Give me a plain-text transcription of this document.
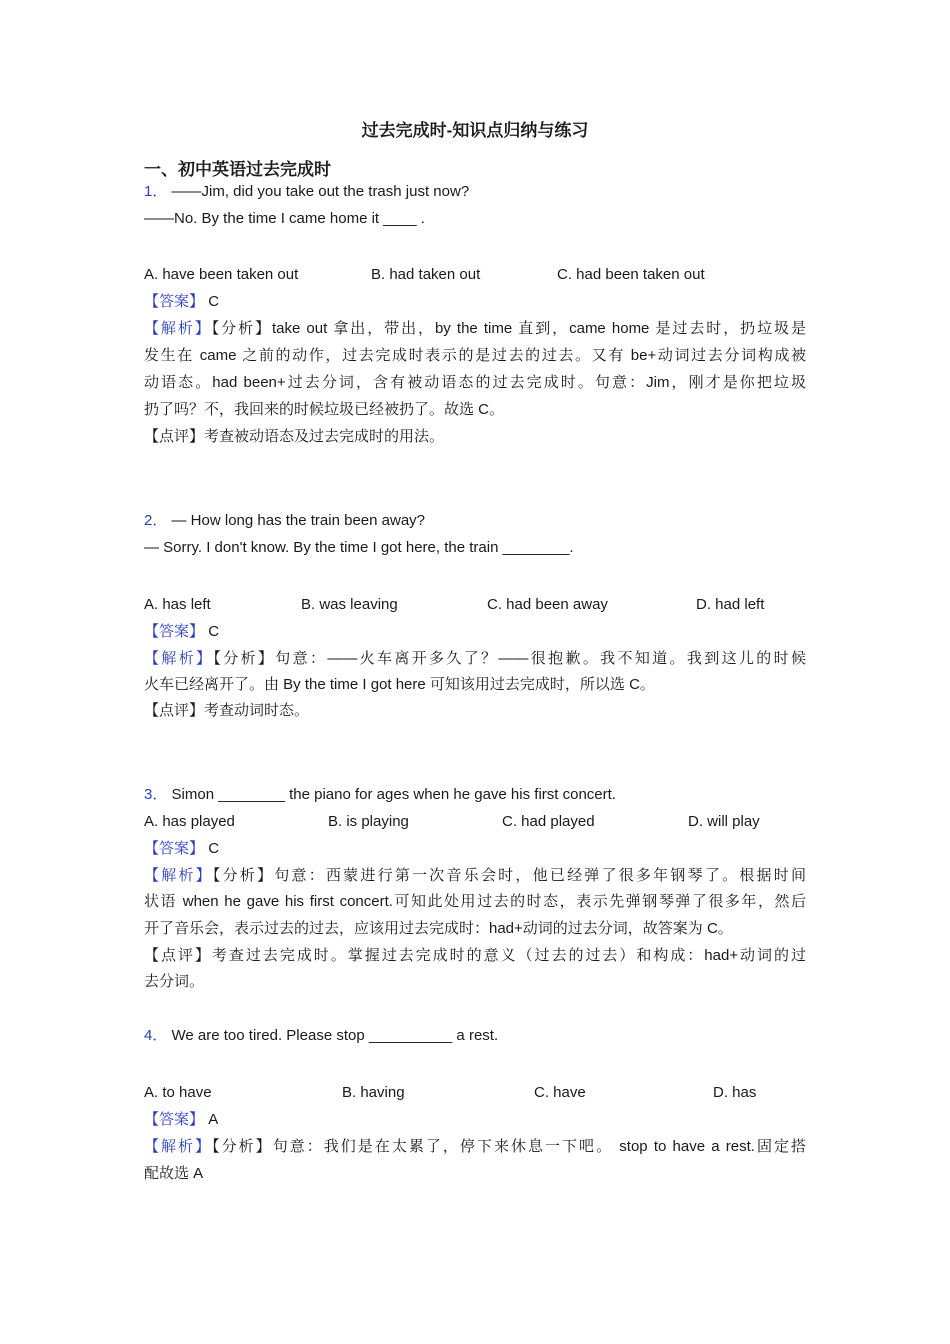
过去完成时-知识点归纳与练习
一、初中英语过去完成时
1． ——Jim, did you take out the trash just now?
——No. By the time I came home it ____ .
A. have been taken out	B. had taken out	C. had been taken out
【答案】 C
【解析】【分析】take out 拿出，带出，by the time 直到，came home 是过去时，扔垃圾是
发生在 came 之前的动作，过去完成时表示的是过去的过去。又有 be+动词过去分词构成被
动语态。had been+过去分词，含有被动语态的过去完成时。句意：Jim，刚才是你把垃圾
扔了吗？不，我回来的时候垃圾已经被扔了。故选 C。
【点评】考查被动语态及过去完成时的用法。
2． — How long has the train been away?
— Sorry. I don't know. By the time I got here, the train ________.
A. has left	B. was leaving	C. had been away	D. had left
【答案】 C
【解析】【分析】句意：——火车离开多久了？——很抱歉。我不知道。我到这儿的时候
火车已经离开了。由 By the time I got here 可知该用过去完成时，所以选 C。
【点评】考查动词时态。
3． Simon ________ the piano for ages when he gave his first concert.
A. has played	B. is playing	C. had played	D. will play
【答案】 C
【解析】【分析】句意：西蒙进行第一次音乐会时，他已经弹了很多年钢琴了。根据时间
状语 when he gave his first concert.可知此处用过去的时态，表示先弹钢琴弹了很多年，然后
开了音乐会，表示过去的过去，应该用过去完成时：had+动词的过去分词，故答案为 C。
【点评】考查过去完成时。掌握过去完成时的意义（过去的过去）和构成：had+动词的过
去分词。
4． We are too tired. Please stop __________ a rest.
A. to have	B. having	C. have	D. has
【答案】 A
【解析】【分析】句意：我们是在太累了，停下来休息一下吧。 stop to have a rest.固定搭
配故选 A
